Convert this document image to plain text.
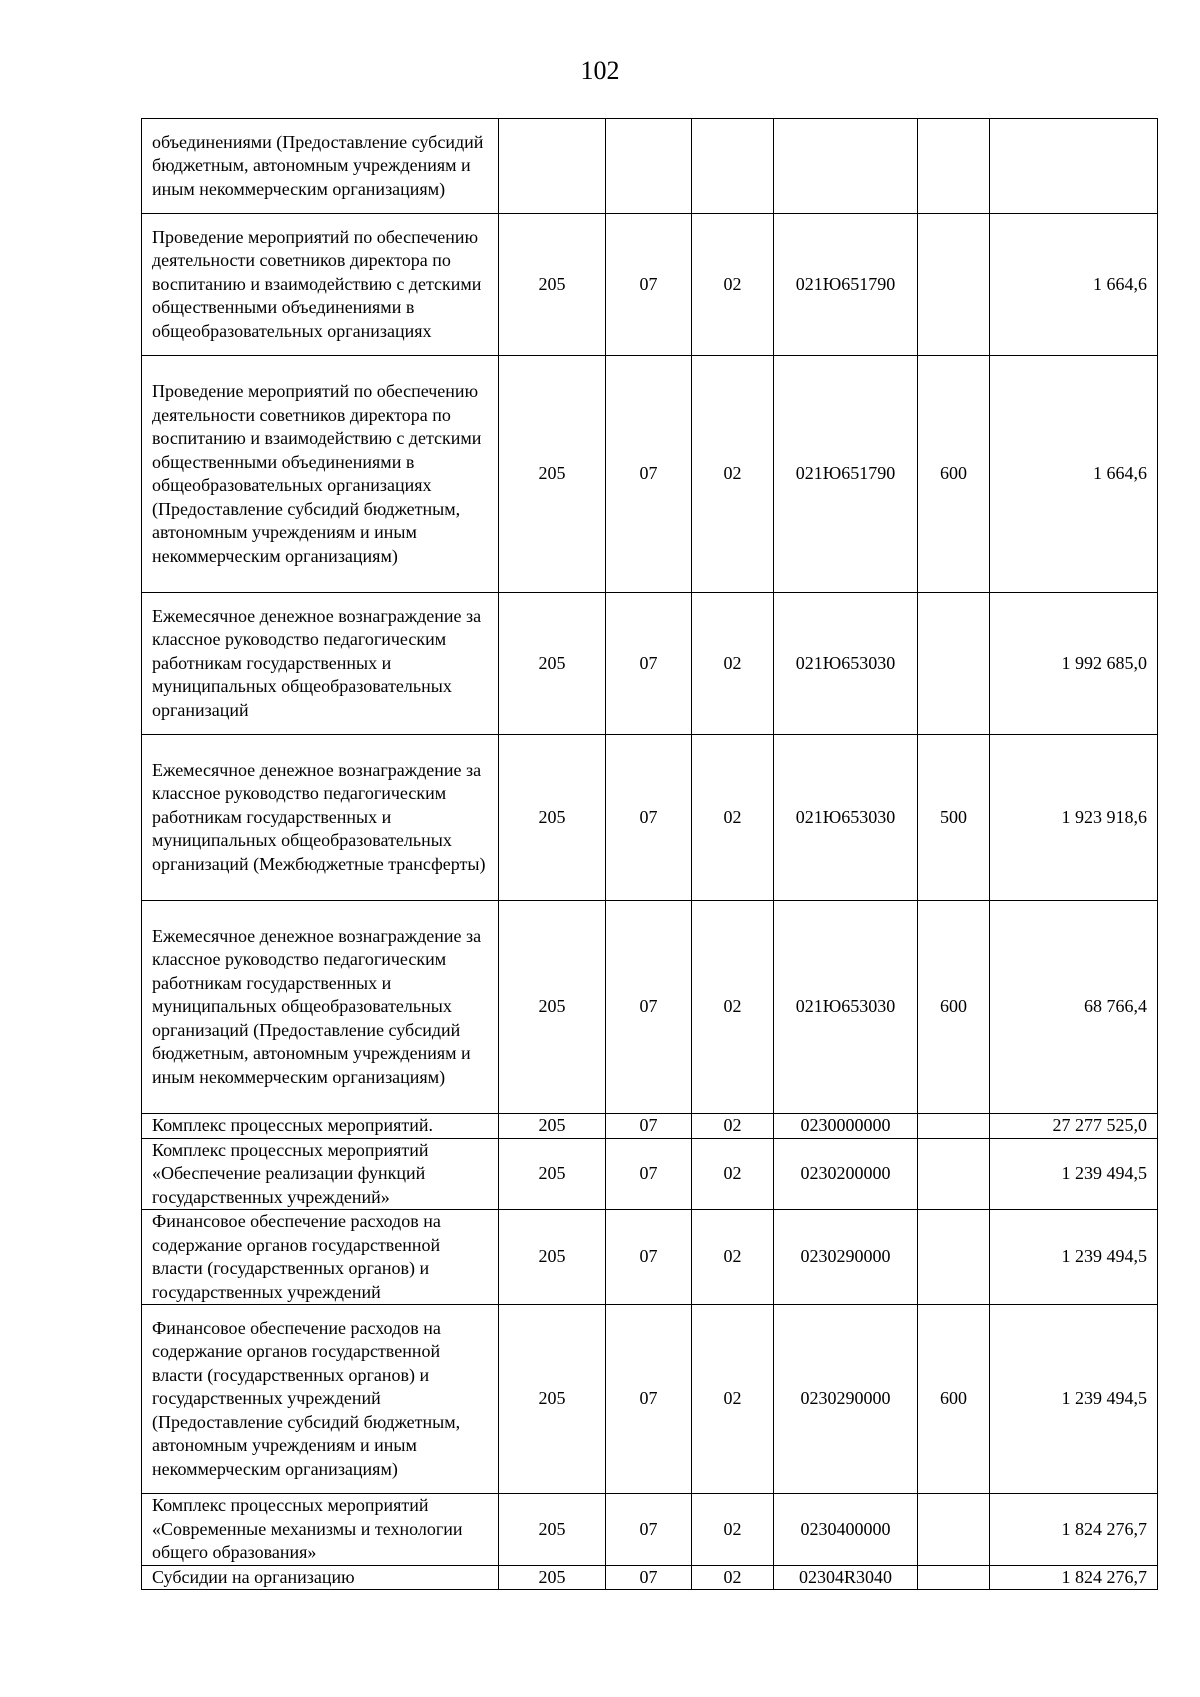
102
объединениями (Предоставление субсидий бюджетным, автономным учреждениям и иным некоммерческим организациям)						
Проведение мероприятий по обеспечению деятельности советников директора по воспитанию и взаимодействию с детскими общественными объединениями в общеобразовательных организациях	205	07	02	021Ю651790		1 664,6
Проведение мероприятий по обеспечению деятельности советников директора по воспитанию и взаимодействию с детскими общественными объединениями в общеобразовательных организациях (Предоставление субсидий бюджетным, автономным учреждениям и иным некоммерческим организациям)	205	07	02	021Ю651790	600	1 664,6
Ежемесячное денежное вознаграждение за классное руководство педагогическим работникам государственных и муниципальных общеобразовательных организаций	205	07	02	021Ю653030		1 992 685,0
Ежемесячное денежное вознаграждение за классное руководство педагогическим работникам государственных и муниципальных общеобразовательных организаций (Межбюджетные трансферты)	205	07	02	021Ю653030	500	1 923 918,6
Ежемесячное денежное вознаграждение за классное руководство педагогическим работникам государственных и муниципальных общеобразовательных организаций (Предоставление субсидий бюджетным, автономным учреждениям и иным некоммерческим организациям)	205	07	02	021Ю653030	600	68 766,4
Комплекс процессных мероприятий.	205	07	02	0230000000		27 277 525,0
Комплекс процессных мероприятий «Обеспечение реализации функций государственных учреждений»	205	07	02	0230200000		1 239 494,5
Финансовое обеспечение расходов на содержание органов государственной власти (государственных органов) и государственных учреждений	205	07	02	0230290000		1 239 494,5
Финансовое обеспечение расходов на содержание органов государственной власти (государственных органов) и государственных учреждений (Предоставление субсидий бюджетным, автономным учреждениям и иным некоммерческим организациям)	205	07	02	0230290000	600	1 239 494,5
Комплекс процессных мероприятий «Современные механизмы и технологии общего образования»	205	07	02	0230400000		1 824 276,7
Субсидии на организацию	205	07	02	02304R3040		1 824 276,7
